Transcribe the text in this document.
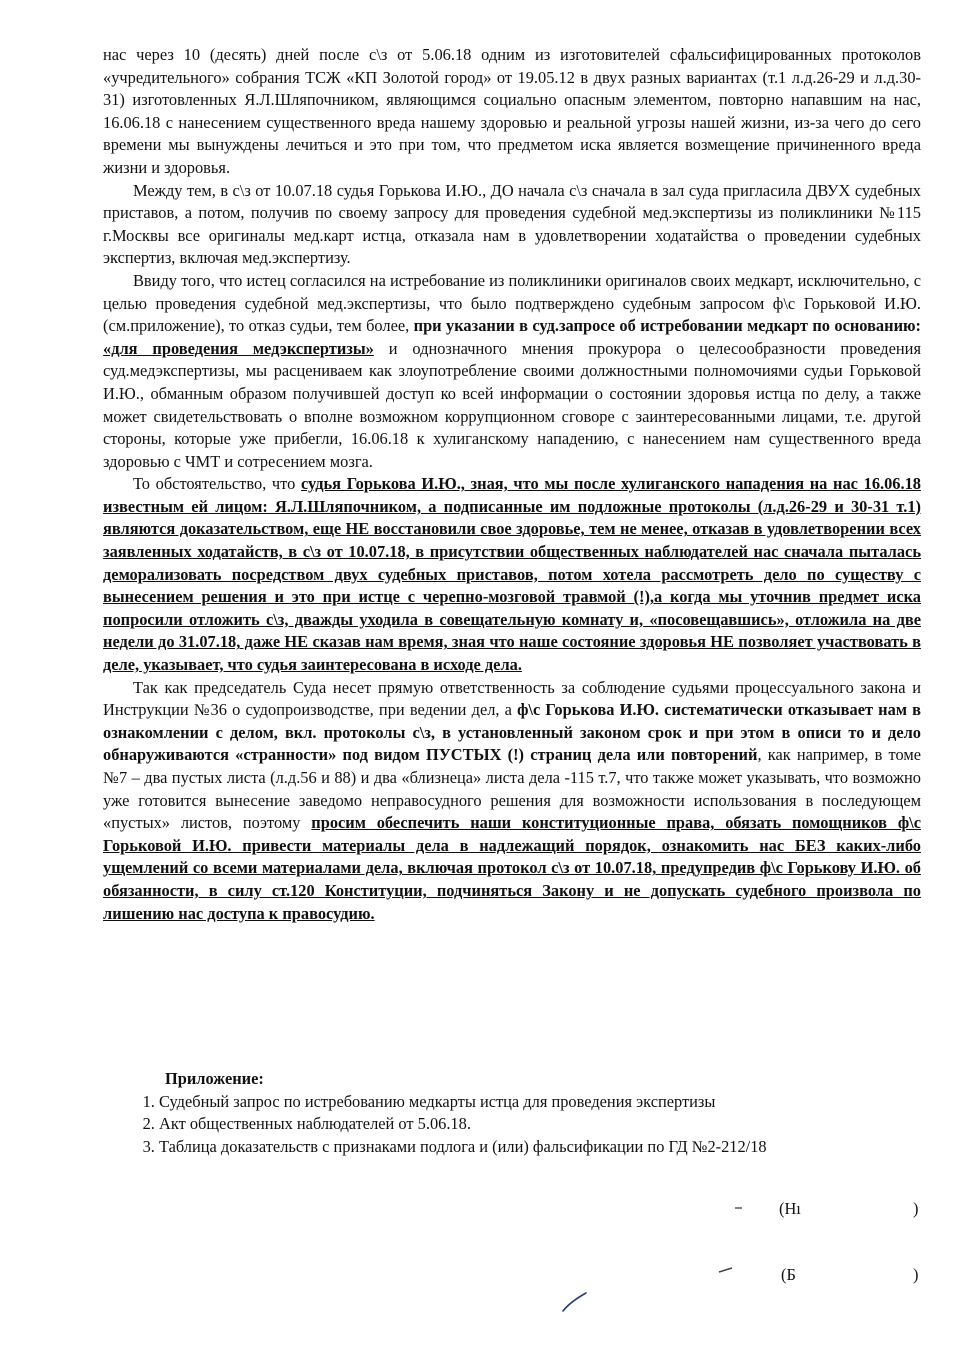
нас через 10 (десять) дней после с\з от 5.06.18 одним из изготовителей сфальсифицированных протоколов «учредительного» собрания ТСЖ «КП Золотой город» от 19.05.12 в двух разных вариантах (т.1 л.д.26-29 и л.д.30-31) изготовленных Я.Л.Шляпочником, являющимся социально опасным элементом, повторно напавшим на нас, 16.06.18 с нанесением существенного вреда нашему здоровью и реальной угрозы нашей жизни, из-за чего до сего времени мы вынуждены лечиться и это при том, что предметом иска является возмещение причиненного вреда жизни и здоровья.

Между тем, в с\з от 10.07.18 судья Горькова И.Ю., ДО начала с\з сначала в зал суда пригласила ДВУХ судебных приставов, а потом, получив по своему запросу для проведения судебной мед.экспертизы из поликлиники №115 г.Москвы все оригиналы мед.карт истца, отказала нам в удовлетворении ходатайства о проведении судебных экспертиз, включая мед.экспертизу.

Ввиду того, что истец согласился на истребование из поликлиники оригиналов своих медкарт, исключительно, с целью проведения судебной мед.экспертизы, что было подтверждено судебным запросом ф\с Горьковой И.Ю. (см.приложение), то отказ судьи, тем более, при указании в суд.запросе об истребовании медкарт по основанию: «для проведения медэкспертизы» и однозначного мнения прокурора о целесообразности проведения суд.медэкспертизы, мы расцениваем как злоупотребление своими должностными полномочиями судьи Горьковой И.Ю., обманным образом получившей доступ ко всей информации о состоянии здоровья истца по делу, а также может свидетельствовать о вполне возможном коррупционном сговоре с заинтересованными лицами, т.е. другой стороны, которые уже прибегли, 16.06.18 к хулиганскому нападению, с нанесением нам существенного вреда здоровью с ЧМТ и сотресением мозга.

То обстоятельство, что судья Горькова И.Ю., зная, что мы после хулиганского нападения на нас 16.06.18 известным ей лицом: Я.Л.Шляпочником, а подписанные им подложные протоколы (л.д.26-29 и 30-31 т.1) являются доказательством, еще НЕ восстановили свое здоровье, тем не менее, отказав в удовлетворении всех заявленных ходатайств, в с\з от 10.07.18, в присутствии общественных наблюдателей нас сначала пыталась деморализовать посредством двух судебных приставов, потом хотела рассмотреть дело по существу с вынесением решения и это при истце с черепно-мозговой травмой (!),а когда мы уточнив предмет иска попросили отложить с\з, дважды уходила в совещательную комнату и, «посовещавшись», отложила на две недели до 31.07.18, даже НЕ сказав нам время, зная что наше состояние здоровья НЕ позволяет участвовать в деле, указывает, что судья заинтересована в исходе дела.

Так как председатель Суда несет прямую ответственность за соблюдение судьями процессуального закона и Инструкции №36 о судопроизводстве, при ведении дел, а ф\с Горькова И.Ю. систематически отказывает нам в ознакомлении с делом, вкл. протоколы с\з, в установленный законом срок и при этом в описи то и дело обнаруживаются «странности» под видом ПУСТЫХ (!) страниц дела или повторений, как например, в томе №7 – два пустых листа (л.д.56 и 88) и два «близнеца» листа дела -115 т.7, что также может указывать, что возможно уже готовится вынесение заведомо неправосудного решения для возможности использования в последующем «пустых» листов, поэтому просим обеспечить наши конституционные права, обязать помощников ф\с Горьковой И.Ю. привести материалы дела в надлежащий порядок, ознакомить нас БЕЗ каких-либо ущемлений со всеми материалами дела, включая протокол с\з от 10.07.18, предупредив ф\с Горькову И.Ю. об обязанности, в силу ст.120 Конституции, подчиняться Закону и не допускать судебного произвола по лишению нас доступа к правосудию.

Приложение:
1. Судебный запрос по истребованию медкарты истца для проведения экспертизы
2. Акт общественных наблюдателей от 5.06.18.
3. Таблица доказательств с признаками подлога и (или) фальсификации по ГД №2-212/18
(Нı	)
(Б	)
